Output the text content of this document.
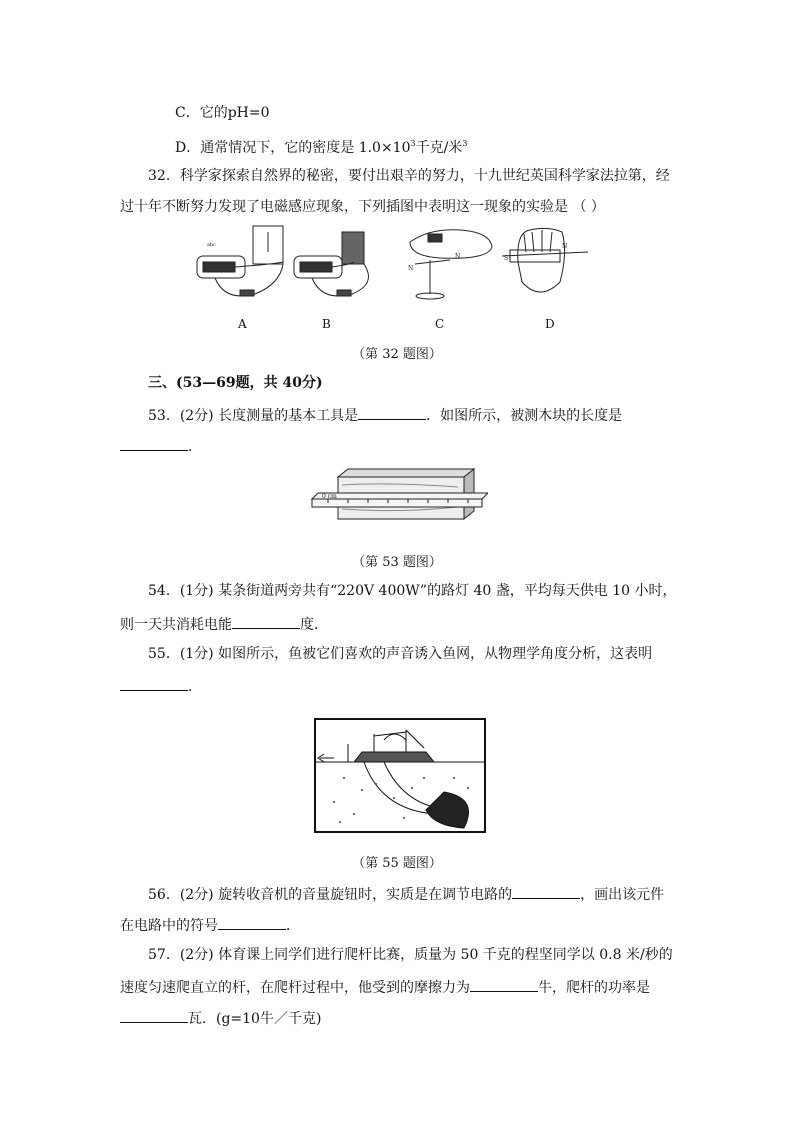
C．它的pH=0
D．通常情况下，它的密度是 $1.0\times 10^3$千克/米$^3$
32．科学家探索自然界的秘密，要付出艰辛的努力，十九世纪英国科学家法拉第，经
过十年不断努力发现了电磁感应现象，下列插图中表明这一现象的实验是 （ ）
abc
N
N	S
N
A	B	C	D
（第 32 题图）
三、(53—69题，共 40分)
53．(2分) 长度测量的基本工具是	．如图所示，被测木块的长度是
．
0 cm
（第 53 题图）
54．(1分) 某条街道两旁共有“220V 400W”的路灯 40 盏，平均每天供电 10 小时，
则一天共消耗电能	度．
55．(1分) 如图所示，鱼被它们喜欢的声音诱入鱼网，从物理学角度分析，这表明
．
（第 55 题图）
56．(2分) 旋转收音机的音量旋钮时，实质是在调节电路的	，画出该元件
在电路中的符号	．
57．(2分) 体育课上同学们进行爬杆比赛，质量为 50 千克的程坚同学以 0.8 米/秒的
速度匀速爬直立的杆，在爬杆过程中，他受到的摩擦力为	牛，爬杆的功率是
瓦．(g=10牛／千克)
